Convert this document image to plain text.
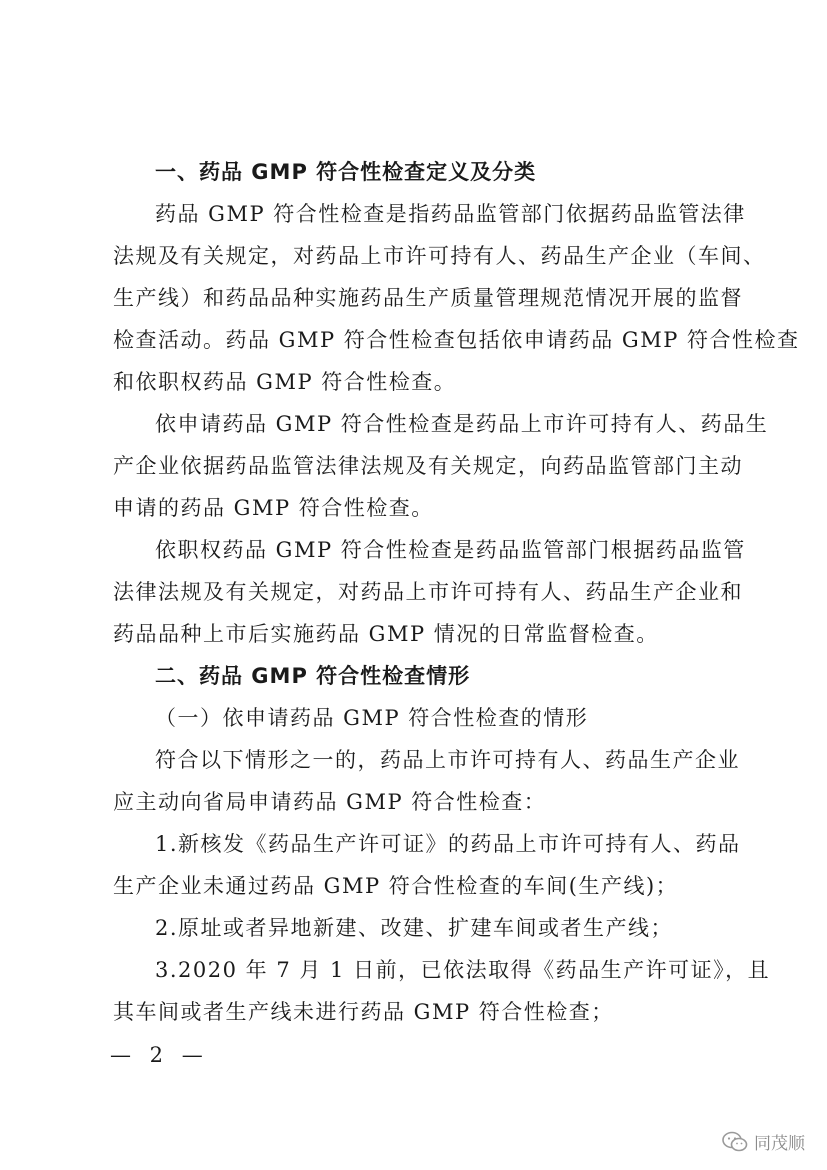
一、药品 GMP 符合性检查定义及分类
药品 GMP 符合性检查是指药品监管部门依据药品监管法律
法规及有关规定，对药品上市许可持有人、药品生产企业（车间、
生产线）和药品品种实施药品生产质量管理规范情况开展的监督
检查活动。药品 GMP 符合性检查包括依申请药品 GMP 符合性检查
和依职权药品 GMP 符合性检查。
依申请药品 GMP 符合性检查是药品上市许可持有人、药品生
产企业依据药品监管法律法规及有关规定，向药品监管部门主动
申请的药品 GMP 符合性检查。
依职权药品 GMP 符合性检查是药品监管部门根据药品监管
法律法规及有关规定，对药品上市许可持有人、药品生产企业和
药品品种上市后实施药品 GMP 情况的日常监督检查。
二、药品 GMP 符合性检查情形
（一）依申请药品 GMP 符合性检查的情形
符合以下情形之一的，药品上市许可持有人、药品生产企业
应主动向省局申请药品 GMP 符合性检查：
1.新核发《药品生产许可证》的药品上市许可持有人、药品
生产企业未通过药品 GMP 符合性检查的车间(生产线)；
2.原址或者异地新建、改建、扩建车间或者生产线；
3.2020 年 7 月 1 日前，已依法取得《药品生产许可证》，且
其车间或者生产线未进行药品 GMP 符合性检查；
— 2 —
同茂顺
